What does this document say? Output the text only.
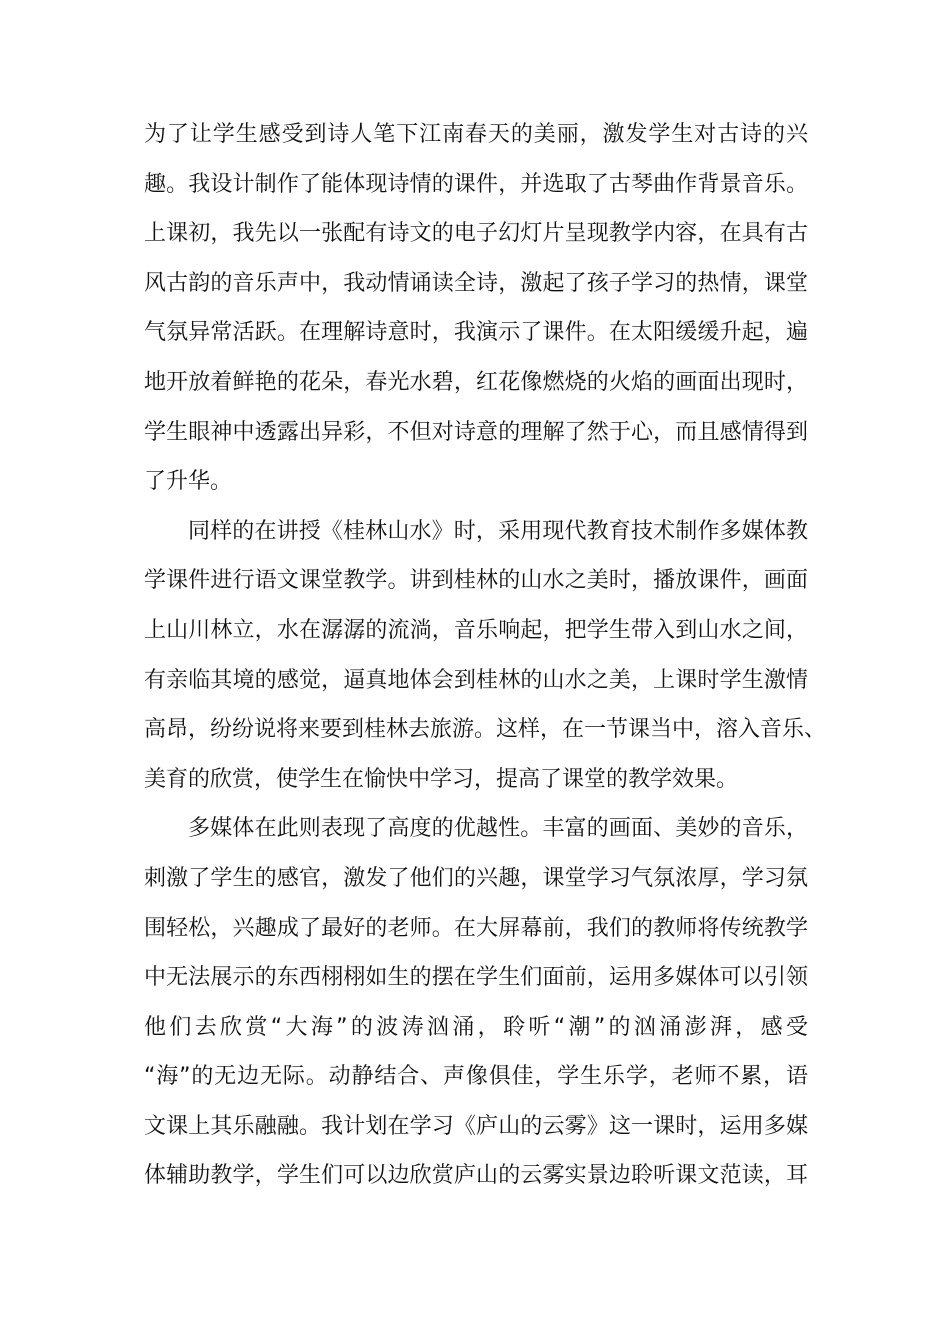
为了让学生感受到诗人笔下江南春天的美丽，激发学生对古诗的兴
趣。我设计制作了能体现诗情的课件，并选取了古琴曲作背景音乐。
上课初，我先以一张配有诗文的电子幻灯片呈现教学内容，在具有古
风古韵的音乐声中，我动情诵读全诗，激起了孩子学习的热情，课堂
气氛异常活跃。在理解诗意时，我演示了课件。在太阳缓缓升起，遍
地开放着鲜艳的花朵，春光水碧，红花像燃烧的火焰的画面出现时，
学生眼神中透露出异彩，不但对诗意的理解了然于心，而且感情得到
了升华。
同样的在讲授《桂林山水》时，采用现代教育技术制作多媒体教
学课件进行语文课堂教学。讲到桂林的山水之美时，播放课件，画面
上山川林立，水在潺潺的流淌，音乐响起，把学生带入到山水之间，
有亲临其境的感觉，逼真地体会到桂林的山水之美，上课时学生激情
高昂，纷纷说将来要到桂林去旅游。这样，在一节课当中，溶入音乐、
美育的欣赏，使学生在愉快中学习，提高了课堂的教学效果。
多媒体在此则表现了高度的优越性。丰富的画面、美妙的音乐，
刺激了学生的感官，激发了他们的兴趣，课堂学习气氛浓厚，学习氛
围轻松，兴趣成了最好的老师。在大屏幕前，我们的教师将传统教学
中无法展示的东西栩栩如生的摆在学生们面前，运用多媒体可以引领
他们去欣赏“大海”的波涛汹涌，聆听“潮”的汹涌澎湃，感受
“海”的无边无际。动静结合、声像俱佳，学生乐学，老师不累，语
文课上其乐融融。我计划在学习《庐山的云雾》这一课时，运用多媒
体辅助教学，学生们可以边欣赏庐山的云雾实景边聆听课文范读，耳
